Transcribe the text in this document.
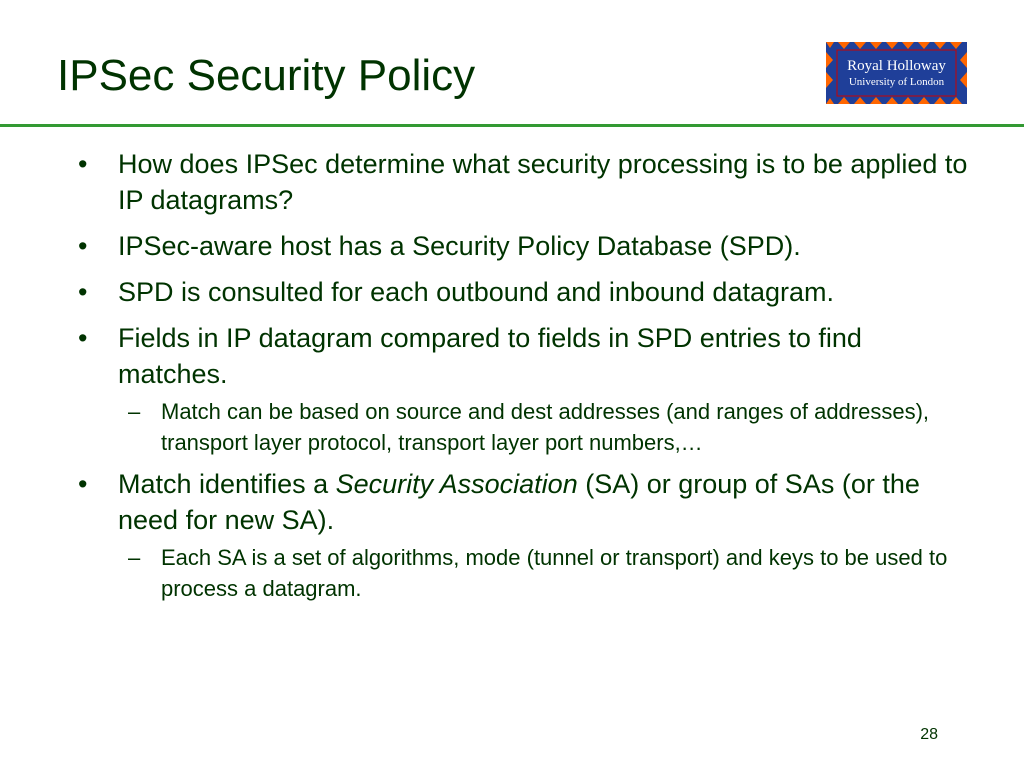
IPSec Security Policy	Royal Holloway
University of London
• How does IPSec determine what security processing is to be applied to IP datagrams?
• IPSec-aware host has a Security Policy Database (SPD).
• SPD is consulted for each outbound and inbound datagram.
• Fields in IP datagram compared to fields in SPD entries to find matches.
– Match can be based on source and dest addresses (and ranges of addresses), transport layer protocol, transport layer port numbers,…
• Match identifies a Security Association (SA) or group of SAs (or the need for new SA).
– Each SA is a set of algorithms, mode (tunnel or transport) and keys to be used to process a datagram.
28
